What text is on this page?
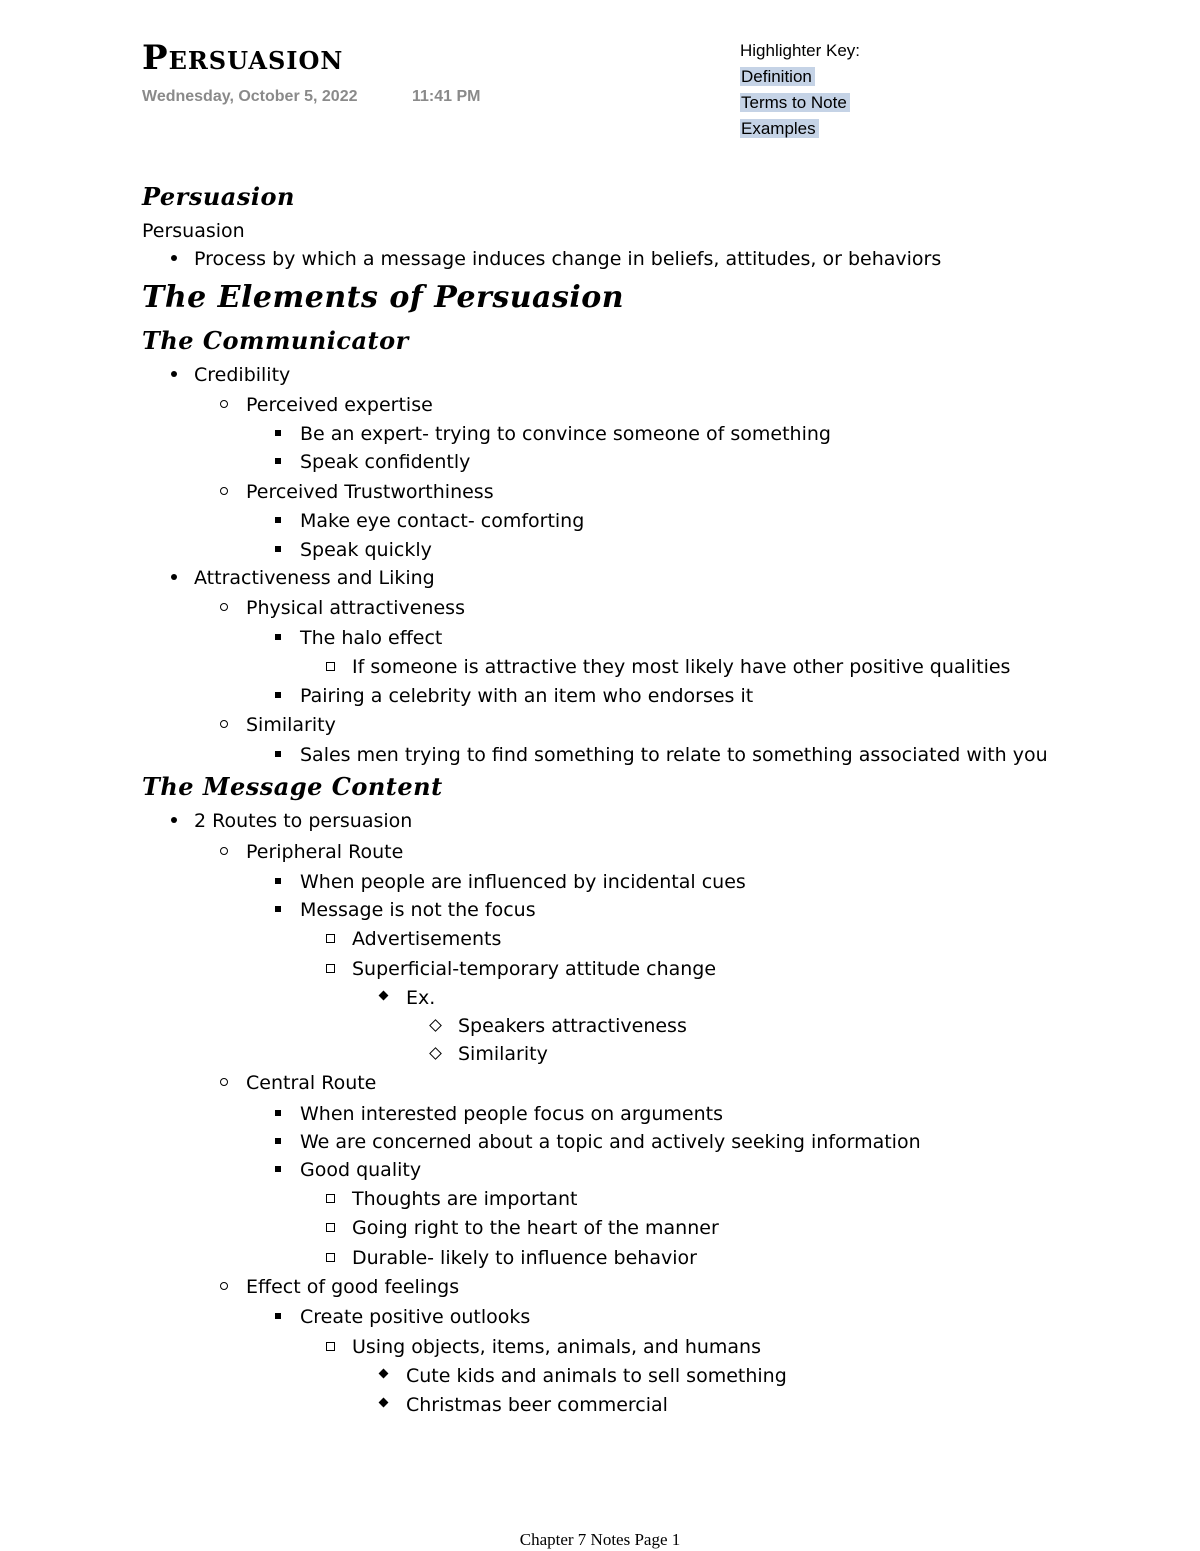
Persuasion
Wednesday, October 5, 2022	11:41 PM
Highlighter Key:
Definition
Terms to Note
Examples
Persuasion
Persuasion
Process by which a message induces change in beliefs, attitudes, or behaviors
The Elements of Persuasion
The Communicator
Credibility
Perceived expertise
Be an expert- trying to convince someone of something
Speak confidently
Perceived Trustworthiness
Make eye contact- comforting
Speak quickly
Attractiveness and Liking
Physical attractiveness
The halo effect
If someone is attractive they most likely have other positive qualities
Pairing a celebrity with an item who endorses it
Similarity
Sales men trying to find something to relate to something associated with you
The Message Content
2 Routes to persuasion
Peripheral Route
When people are influenced by incidental cues
Message is not the focus
Advertisements
Superficial-temporary attitude change
Ex.
Speakers attractiveness
Similarity
Central Route
When interested people focus on arguments
We are concerned about a topic and actively seeking information
Good quality
Thoughts are important
Going right to the heart of the manner
Durable- likely to influence behavior
Effect of good feelings
Create positive outlooks
Using objects, items, animals, and humans
Cute kids and animals to sell something
Christmas beer commercial
Chapter 7 Notes Page 1
